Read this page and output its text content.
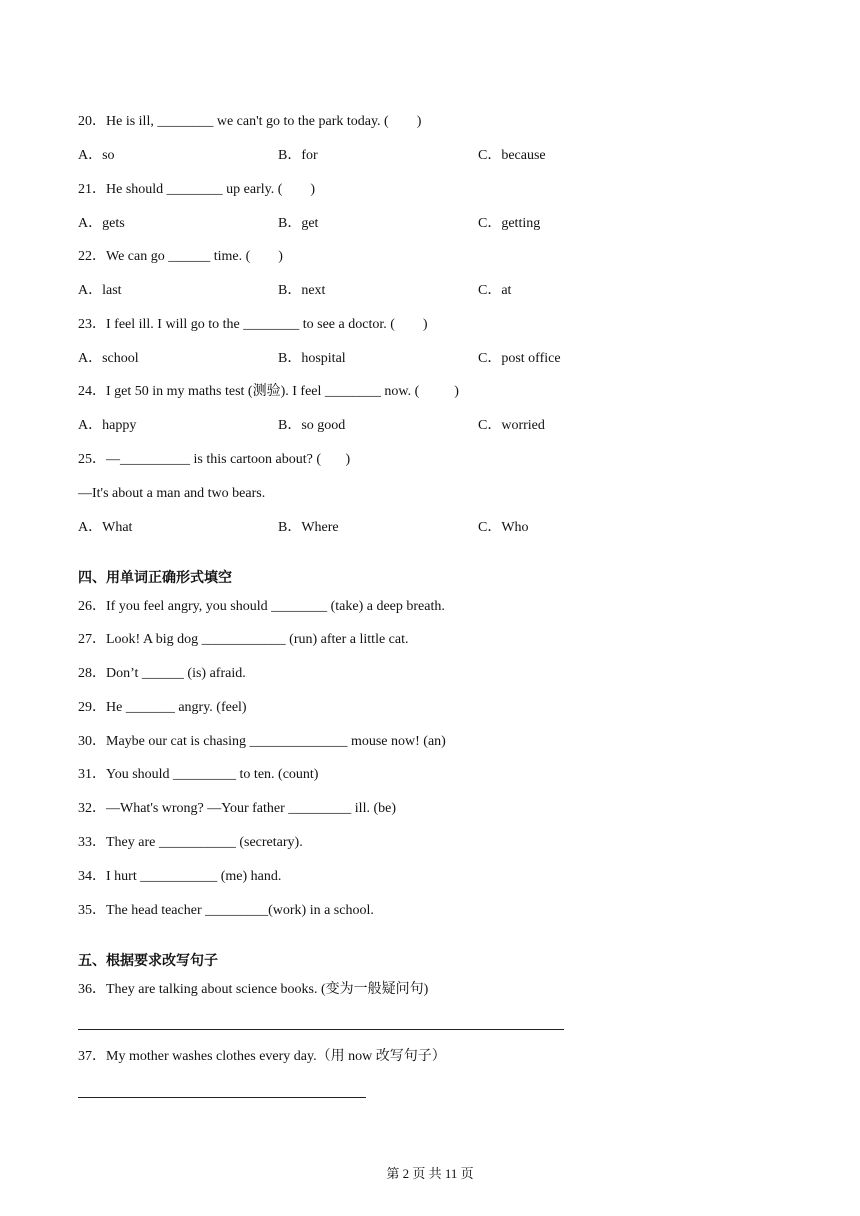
20．He is ill, ________ we can't go to the park today. (        )
A．so	B．for	C．because
21．He should ________ up early. (        )
A．gets	B．get	C．getting
22．We can go ______ time. (        )
A．last	B．next	C．at
23．I feel ill. I will go to the ________ to see a doctor. (        )
A．school	B．hospital	C．post office
24．I get 50 in my maths test (测验). I feel ________ now. (          )
A．happy	B．so good	C．worried
25．—__________ is this cartoon about? (       )
—It's about a man and two bears.
A．What	B．Where	C．Who
四、用单词正确形式填空
26．If you feel angry, you should ________ (take) a deep breath.
27．Look! A big dog ____________ (run) after a little cat.
28．Don’t ______ (is) afraid.
29．He _______ angry. (feel)
30．Maybe our cat is chasing ______________ mouse now! (an)
31．You should _________ to ten. (count)
32．—What's wrong? —Your father _________ ill. (be)
33．They are ___________ (secretary).
34．I hurt ___________ (me) hand.
35．The head teacher _________(work) in a school.
五、根据要求改写句子
36．They are talking about science books. (变为一般疑问句)
37．My mother washes clothes every day.（用 now 改写句子）
第 2 页 共 11 页
